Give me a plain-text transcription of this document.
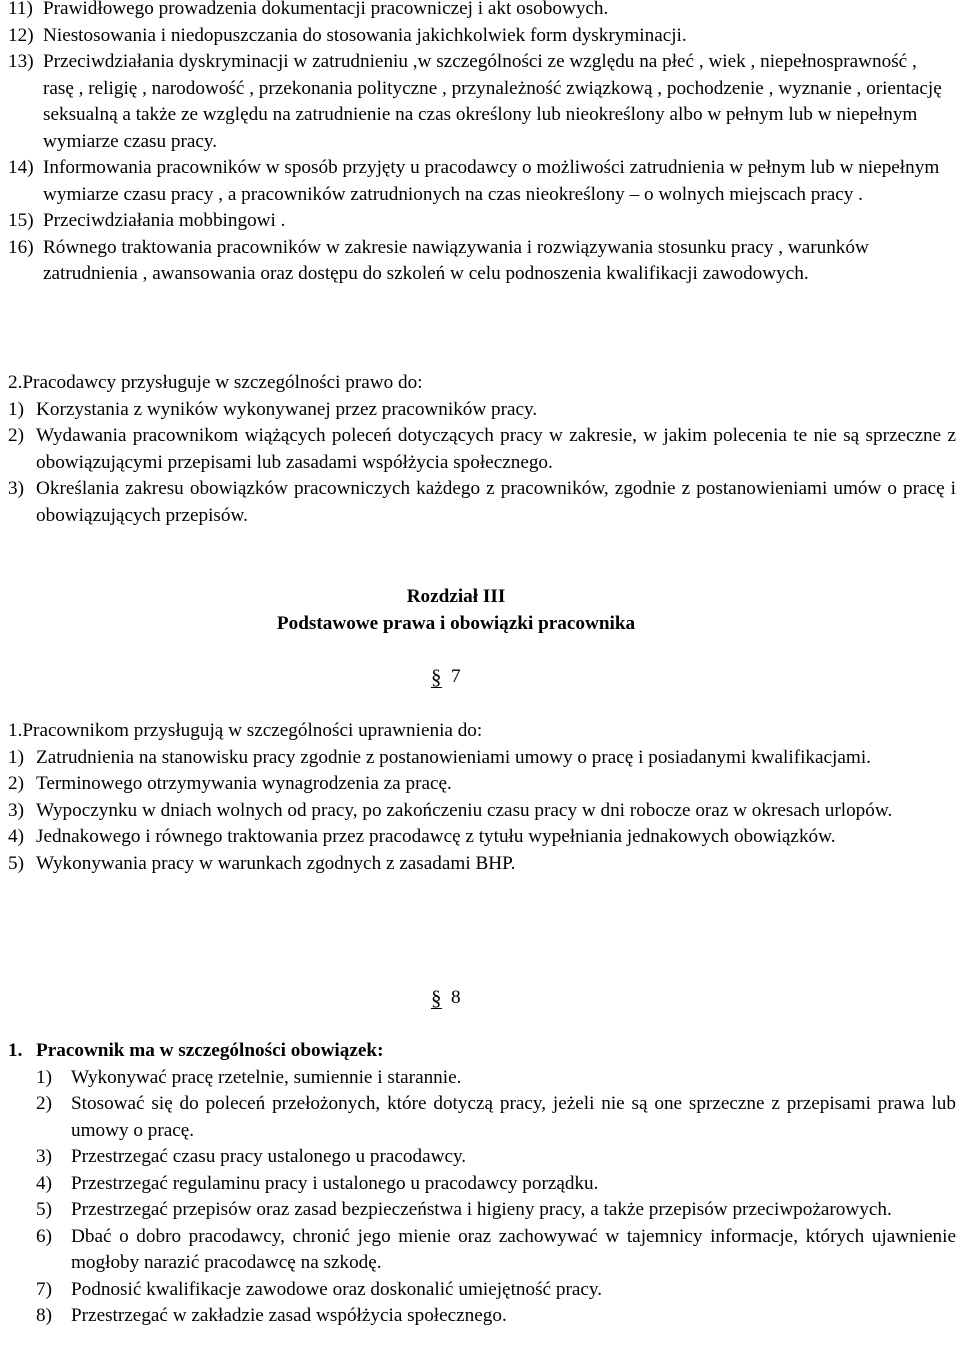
11) Prawidłowego prowadzenia dokumentacji pracowniczej i akt osobowych.
12) Niestosowania i niedopuszczania do stosowania jakichkolwiek form dyskryminacji.
13) Przeciwdziałania dyskryminacji w zatrudnieniu ,w szczególności ze względu na płeć , wiek , niepełnosprawność , rasę , religię , narodowość , przekonania polityczne , przynależność związkową , pochodzenie , wyznanie , orientację seksualną a także ze względu na zatrudnienie na czas określony lub nieokreślony albo w pełnym lub w niepełnym wymiarze czasu pracy.
14) Informowania pracowników w sposób przyjęty u pracodawcy o możliwości zatrudnienia w pełnym lub w niepełnym wymiarze czasu pracy , a pracowników zatrudnionych na czas nieokreślony – o wolnych miejscach pracy .
15) Przeciwdziałania mobbingowi .
16) Równego traktowania pracowników w zakresie nawiązywania i rozwiązywania stosunku pracy , warunków zatrudnienia , awansowania oraz dostępu do szkoleń w celu podnoszenia kwalifikacji zawodowych.
2.Pracodawcy przysługuje w szczególności prawo do:
1) Korzystania z wyników wykonywanej przez pracowników pracy.
2) Wydawania pracownikom wiążących poleceń dotyczących pracy w zakresie, w jakim polecenia te nie są sprzeczne z obowiązującymi przepisami lub zasadami współżycia społecznego.
3) Określania zakresu obowiązków pracowniczych każdego z pracowników, zgodnie z postanowieniami umów o pracę i obowiązujących przepisów.
Rozdział III
Podstawowe prawa i obowiązki pracownika
§ 7
1.Pracownikom przysługują w szczególności uprawnienia do:
1) Zatrudnienia na stanowisku pracy zgodnie z postanowieniami umowy o pracę i posiadanymi kwalifikacjami.
2) Terminowego otrzymywania wynagrodzenia za pracę.
3) Wypoczynku w dniach wolnych od pracy, po zakończeniu czasu pracy w dni robocze oraz w okresach urlopów.
4) Jednakowego i równego traktowania przez pracodawcę z tytułu wypełniania jednakowych obowiązków.
5) Wykonywania pracy w warunkach zgodnych z zasadami BHP.
§ 8
1. Pracownik ma w szczególności obowiązek:
1) Wykonywać pracę rzetelnie, sumiennie i starannie.
2) Stosować się do poleceń przełożonych, które dotyczą pracy, jeżeli nie są one sprzeczne z przepisami prawa lub umowy o pracę.
3) Przestrzegać czasu pracy ustalonego u pracodawcy.
4) Przestrzegać regulaminu pracy i ustalonego u pracodawcy porządku.
5) Przestrzegać przepisów oraz zasad bezpieczeństwa i higieny pracy, a także przepisów przeciwpożarowych.
6) Dbać o dobro pracodawcy, chronić jego mienie oraz zachowywać w tajemnicy informacje, których ujawnienie mogłoby narazić pracodawcę na szkodę.
7) Podnosić kwalifikacje zawodowe oraz doskonalić umiejętność pracy.
8) Przestrzegać w zakładzie zasad współżycia społecznego.
